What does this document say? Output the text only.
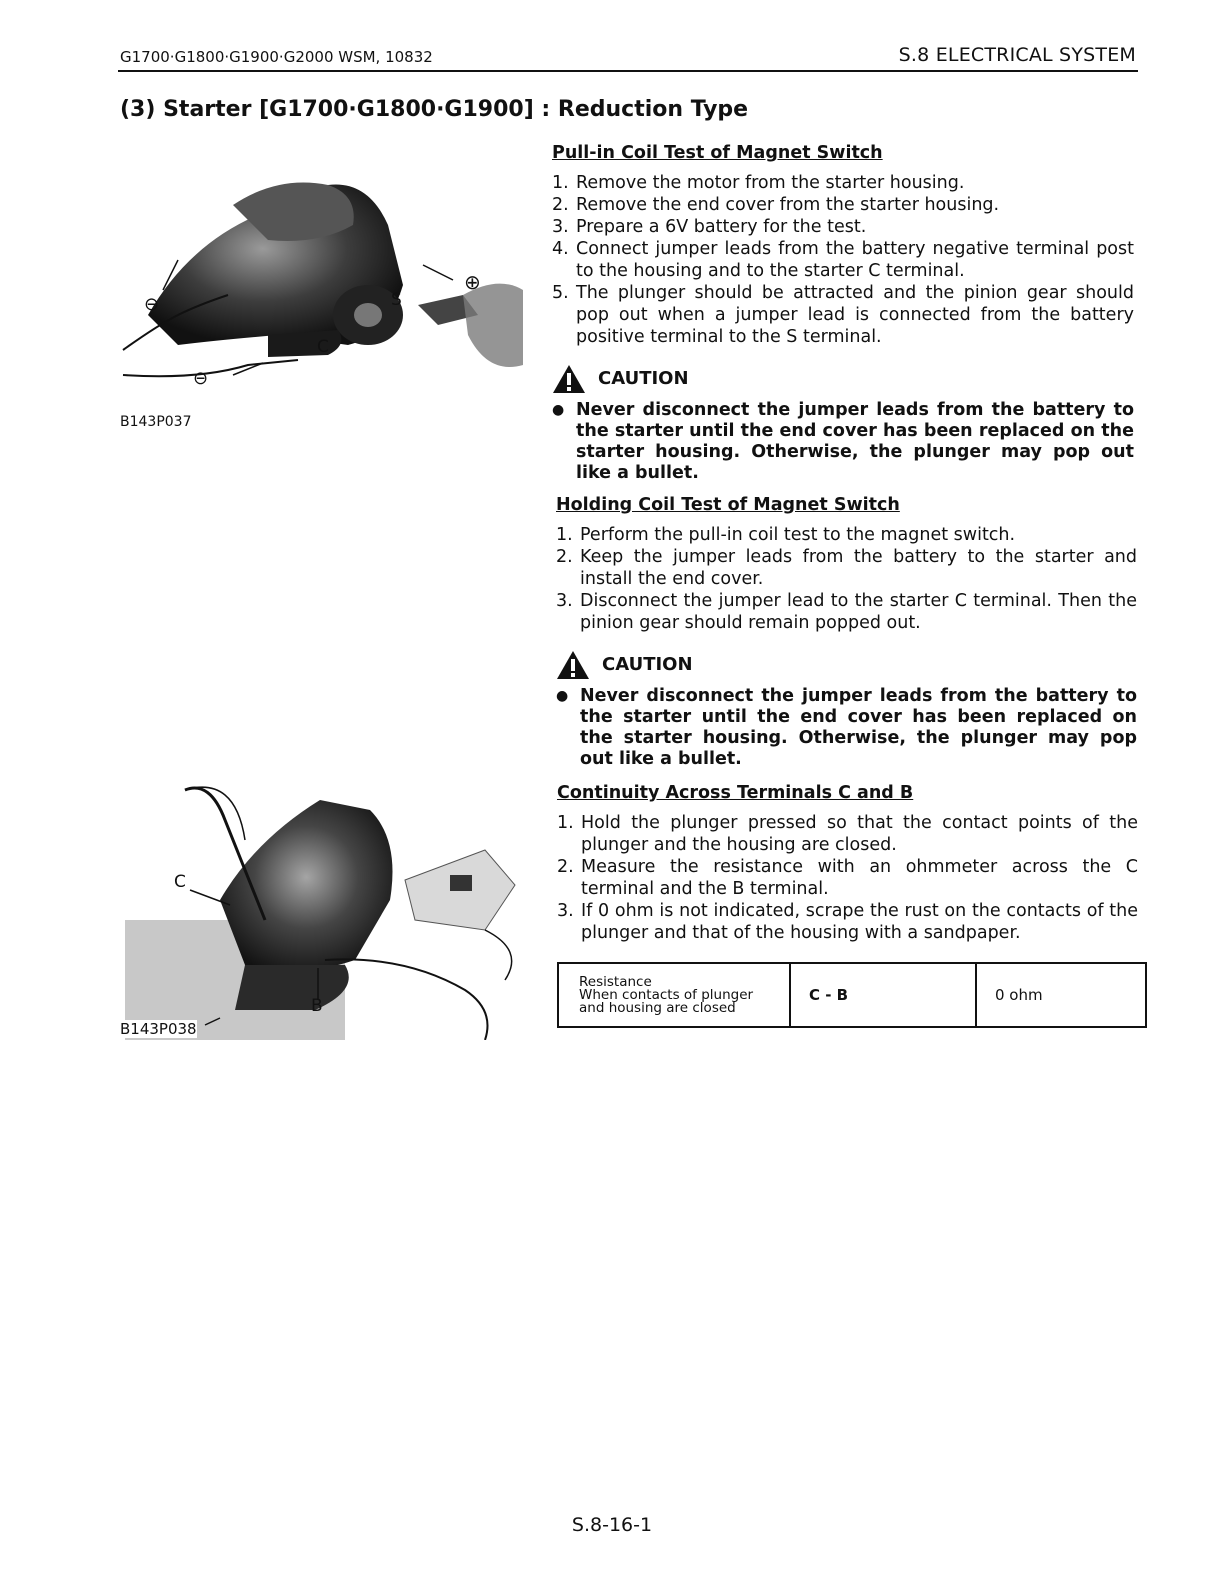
G1700·G1800·G1900·G2000 WSM, 10832	S.8 ELECTRICAL SYSTEM
(3) Starter [G1700·G1800·G1900] : Reduction Type
⊖
⊖
⊕
S
C
B143P037
C
B
B143P038
Pull-in Coil Test of Magnet Switch
1. Remove the motor from the starter housing.
2. Remove the end cover from the starter housing.
3. Prepare a 6V battery for the test.
4. Connect jumper leads from the battery negative terminal post to the housing and to the starter C terminal.
5. The plunger should be attracted and the pinion gear should pop out when a jumper lead is connected from the battery positive terminal to the S terminal.
CAUTION
● Never disconnect the jumper leads from the battery to the starter until the end cover has been replaced on the starter housing. Otherwise, the plunger may pop out like a bullet.
Holding Coil Test of Magnet Switch
1. Perform the pull-in coil test to the magnet switch.
2. Keep the jumper leads from the battery to the starter and install the end cover.
3. Disconnect the jumper lead to the starter C terminal. Then the pinion gear should remain popped out.
CAUTION
● Never disconnect the jumper leads from the battery to the starter until the end cover has been replaced on the starter housing. Otherwise, the plunger may pop out like a bullet.
Continuity Across Terminals C and B
1. Hold the plunger pressed so that the contact points of the plunger and the housing are closed.
2. Measure the resistance with an ohmmeter across the C terminal and the B terminal.
3. If 0 ohm is not indicated, scrape the rust on the contacts of the plunger and that of the housing with a sandpaper.
Resistance
When contacts of plunger and housing are closed
	C - B	0 ohm
S.8-16-1
